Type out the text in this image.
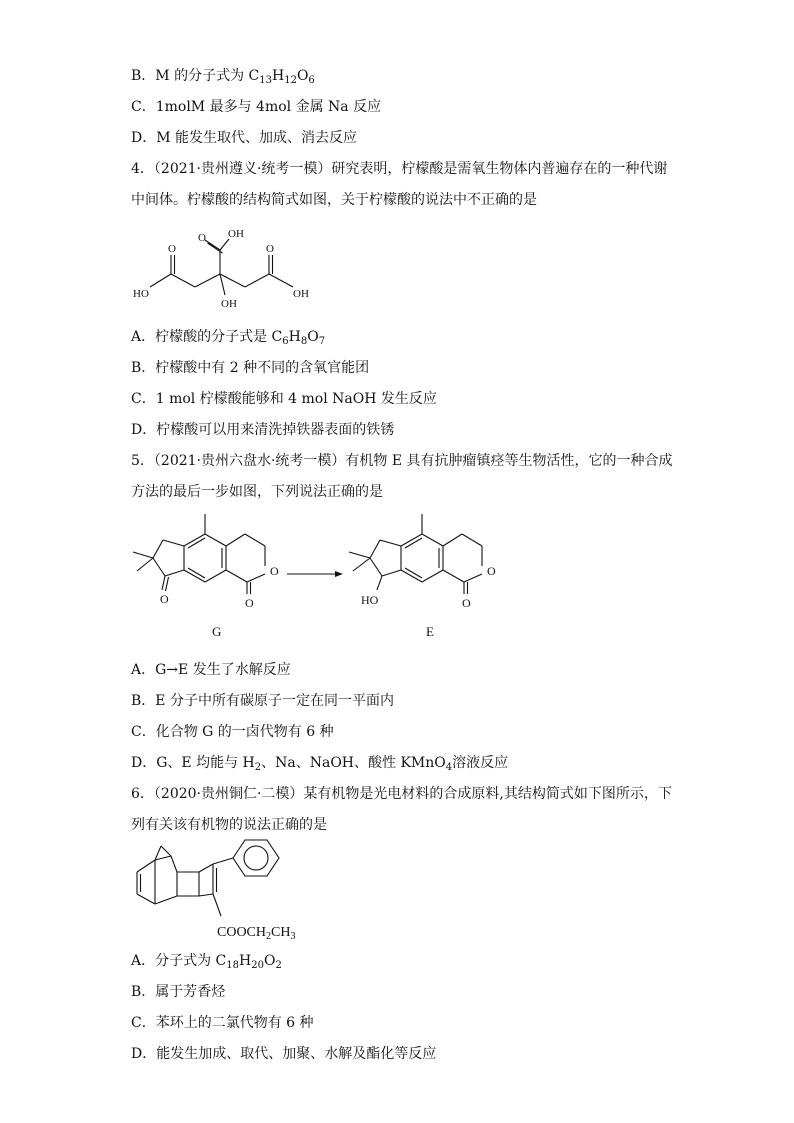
B．M 的分子式为 $C_{13}H_{12}O_6$
C．1molM 最多与 4mol 金属 Na 反应
D．M 能发生取代、加成、消去反应
4．（2021·贵州遵义·统考一模）研究表明，柠檬酸是需氧生物体内普遍存在的一种代谢
中间体。柠檬酸的结构简式如图，关于柠檬酸的说法中不正确的是
O
O OH
O
HO
OH
OH
A．柠檬酸的分子式是 $C_6H_8O_7$
B．柠檬酸中有 2 种不同的含氧官能团
C．1 mol 柠檬酸能够和 4 mol NaOH 发生反应
D．柠檬酸可以用来清洗掉铁器表面的铁锈
5．（2021·贵州六盘水·统考一模）有机物 E 具有抗肿瘤镇痉等生物活性，它的一种合成
方法的最后一步如图，下列说法正确的是
O
O
O	HO
O
O
G	E
A．G→E 发生了水解反应
B．E 分子中所有碳原子一定在同一平面内
C．化合物 G 的一卤代物有 6 种
D．G、E 均能与 $H_2$、Na、NaOH、酸性 KMnO$_4$溶液反应
6．（2020·贵州铜仁·二模）某有机物是光电材料的合成原料,其结构简式如下图所示，下
列有关该有机物的说法正确的是
$COOCH_2CH_3$
A．分子式为 $C_{18}H_{20}O_2$
B．属于芳香烃
C．苯环上的二氯代物有 6 种
D．能发生加成、取代、加聚、水解及酯化等反应
